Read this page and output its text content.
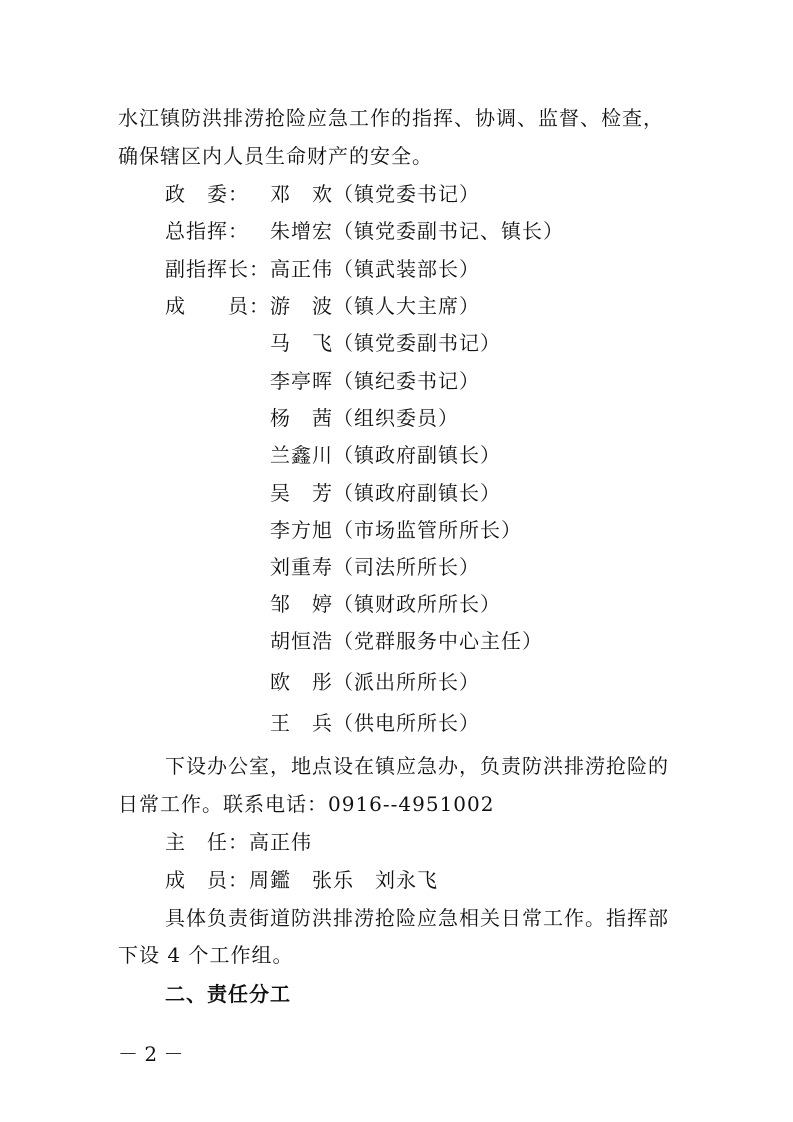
水江镇防洪排涝抢险应急工作的指挥、协调、监督、检查，
确保辖区内人员生命财产的安全。
政　委： 邓　欢（镇党委书记）
总指挥： 朱增宏（镇党委副书记、镇长）
副指挥长： 高正伟（镇武装部长）
成　　员： 游　波（镇人大主席）
马　飞（镇党委副书记）
李亭晖（镇纪委书记）
杨　茜（组织委员）
兰鑫川（镇政府副镇长）
吴　芳（镇政府副镇长）
李方旭（市场监管所所长）
刘重寿（司法所所长）
邹　婷（镇财政所所长）
胡恒浩（党群服务中心主任）
欧　彤（派出所所长）
王　兵（供电所所长）
下设办公室，地点设在镇应急办，负责防洪排涝抢险的
日常工作。联系电话：0916--4951002
主　任：高正伟
成　员：周鑑　张乐　刘永飞
具体负责街道防洪排涝抢险应急相关日常工作。指挥部
下设 4 个工作组。
二、责任分工
－ 2 －
